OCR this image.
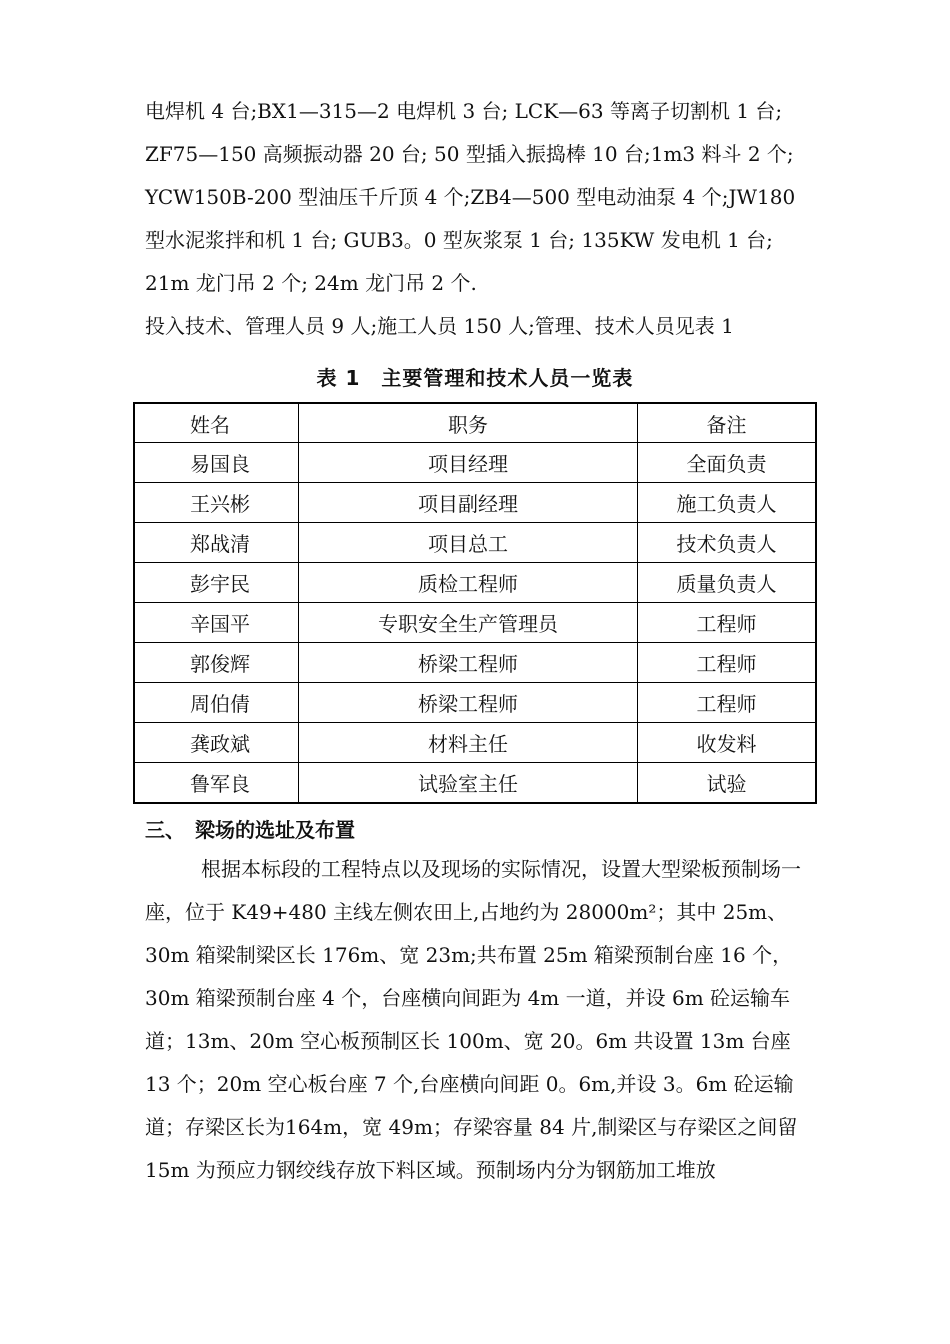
电焊机 4 台;BX1—315—2 电焊机 3 台; LCK—63 等离子切割机 1 台;
ZF75—150 高频振动器 20 台; 50 型插入振捣棒 10 台;1m3 料斗 2 个;
YCW150B-200 型油压千斤顶 4 个;ZB4—500 型电动油泵 4 个;JW180
型水泥浆拌和机 1 台; GUB3。0 型灰浆泵 1 台; 135KW 发电机 1 台;
21m 龙门吊 2 个; 24m 龙门吊 2 个.
投入技术、管理人员 9 人;施工人员 150 人;管理、技术人员见表 1
表 1　主要管理和技术人员一览表
姓名	职务	备注
易国良	项目经理	全面负责
王兴彬	项目副经理	施工负责人
郑战清	项目总工	技术负责人
彭宇民	质检工程师	质量负责人
辛国平	专职安全生产管理员	工程师
郭俊辉	桥梁工程师	工程师
周伯倩	桥梁工程师	工程师
龚政斌	材料主任	收发料
鲁军良	试验室主任	试验
三、　梁场的选址及布置

根据本标段的工程特点以及现场的实际情况，设置大型梁板预制场一座，位于 K49+480 主线左侧农田上,占地约为 28000m²；其中 25m、30m 箱梁制梁区长 176m、宽 23m;共布置 25m 箱梁预制台座 16 个，30m 箱梁预制台座 4 个，台座横向间距为 4m 一道，并设 6m 砼运输车道；13m、20m 空心板预制区长 100m、宽 20。6m 共设置 13m 台座 13 个；20m 空心板台座 7 个,台座横向间距 0。6m,并设 3。6m 砼运输道；存梁区长为164m，宽 49m；存梁容量 84 片,制梁区与存梁区之间留 15m 为预应力钢绞线存放下料区域。预制场内分为钢筋加工堆放
